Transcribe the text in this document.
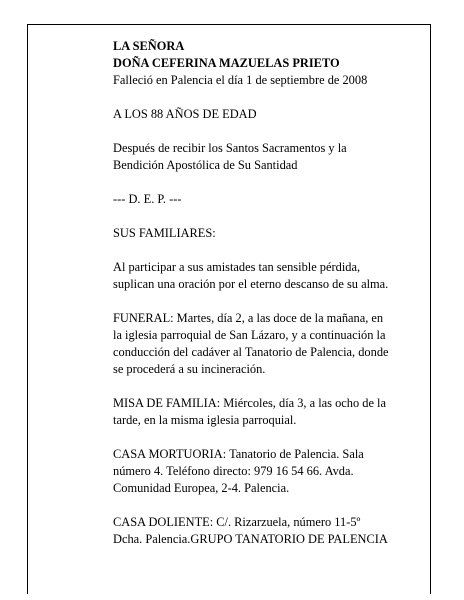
LA SEÑORA

DOÑA CEFERINA MAZUELAS PRIETO

Falleció en Palencia el día 1 de septiembre de 2008

A LOS 88 AÑOS DE EDAD

Después de recibir los Santos Sacramentos y la

Bendición Apostólica de Su Santidad

--- D. E. P. ---

SUS FAMILIARES:

Al participar a sus amistades tan sensible pérdida,

suplican una oración por el eterno descanso de su alma.

FUNERAL: Martes, día 2, a las doce de la mañana, en

la iglesia parroquial de San Lázaro, y a continuación la

conducción del cadáver al Tanatorio de Palencia, donde

se procederá a su incineración.

MISA DE FAMILIA: Miércoles, día 3, a las ocho de la

tarde, en la misma iglesia parroquial.

CASA MORTUORIA: Tanatorio de Palencia. Sala

número 4. Teléfono directo: 979 16 54 66. Avda.

Comunidad Europea, 2-4. Palencia.

CASA DOLIENTE: C/. Rizarzuela, número 11-5º

Dcha. Palencia.GRUPO TANATORIO DE PALENCIA
